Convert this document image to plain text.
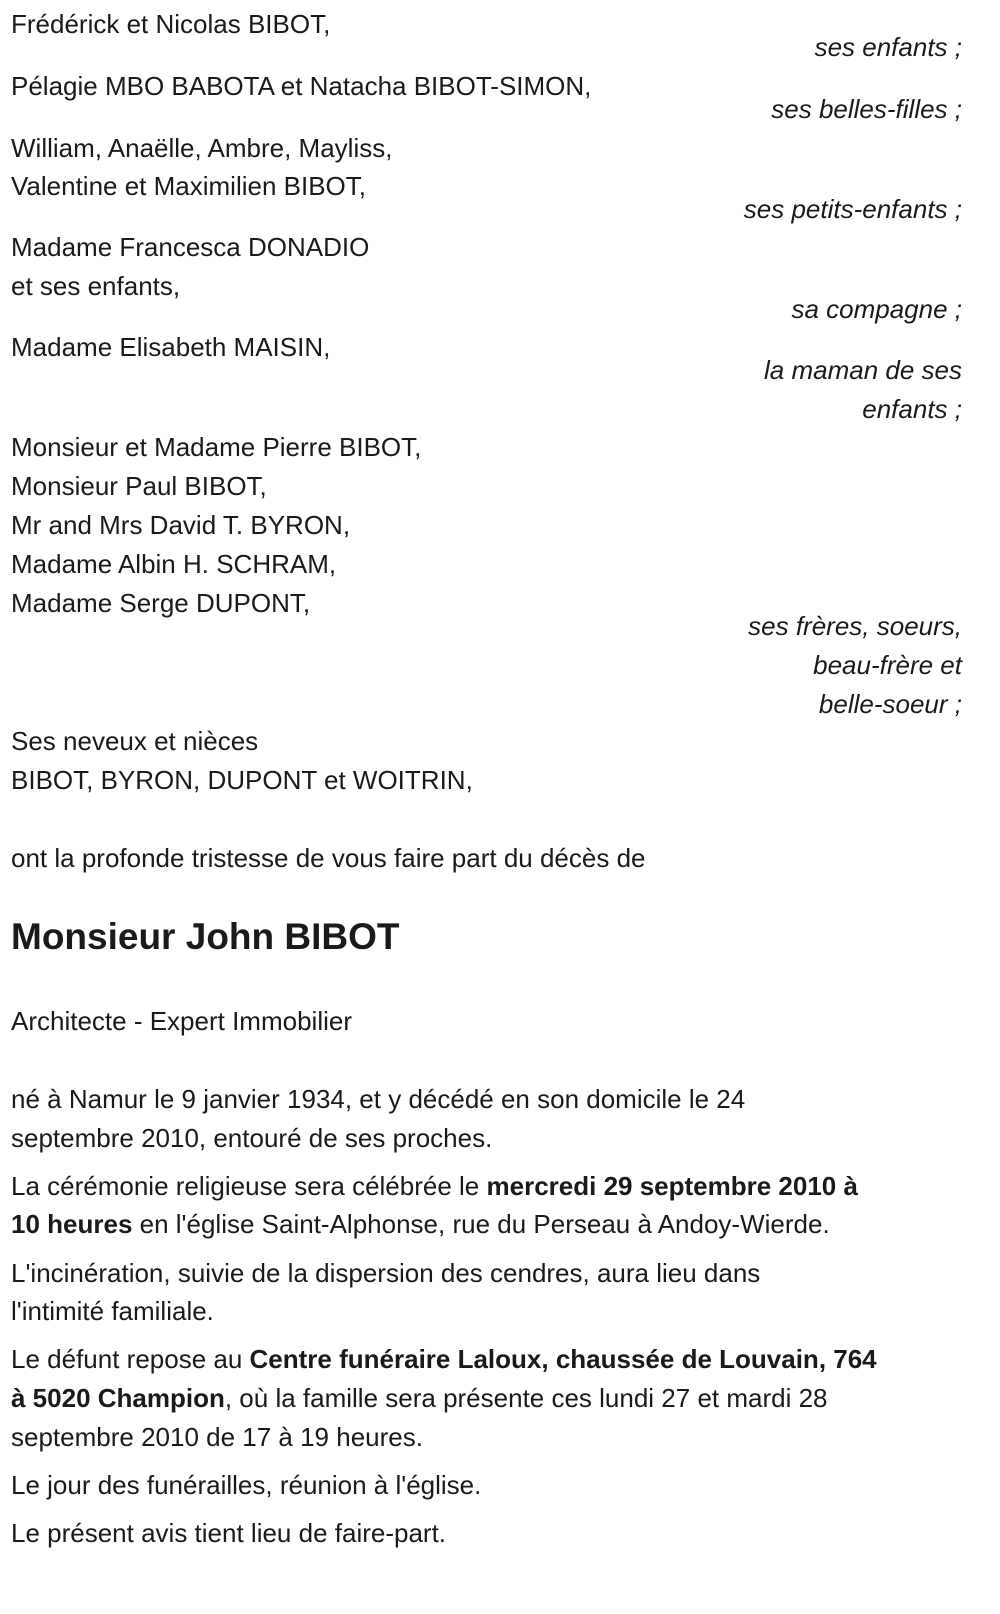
Frédérick et Nicolas BIBOT,
ses enfants ;
Pélagie MBO BABOTA et Natacha BIBOT-SIMON,
ses belles-filles ;
William, Anaëlle, Ambre, Mayliss,
Valentine et Maximilien BIBOT,
ses petits-enfants ;
Madame Francesca DONADIO
et ses enfants,
sa compagne ;
Madame Elisabeth MAISIN,
la maman de ses
enfants ;
Monsieur et Madame Pierre BIBOT,
Monsieur Paul BIBOT,
Mr and Mrs David T. BYRON,
Madame Albin H. SCHRAM,
Madame Serge DUPONT,
ses frères, soeurs,
beau-frère et
belle-soeur ;
Ses neveux et nièces
BIBOT, BYRON, DUPONT et WOITRIN,
ont la profonde tristesse de vous faire part du décès de
Monsieur John BIBOT
Architecte - Expert Immobilier
né à Namur le 9 janvier 1934, et y décédé en son domicile le 24
septembre 2010, entouré de ses proches.
La cérémonie religieuse sera célébrée le mercredi 29 septembre 2010 à
10 heures en l'église Saint-Alphonse, rue du Perseau à Andoy-Wierde.
L'incinération, suivie de la dispersion des cendres, aura lieu dans
l'intimité familiale.
Le défunt repose au Centre funéraire Laloux, chaussée de Louvain, 764
à 5020 Champion, où la famille sera présente ces lundi 27 et mardi 28
septembre 2010 de 17 à 19 heures.
Le jour des funérailles, réunion à l'église.
Le présent avis tient lieu de faire-part.
